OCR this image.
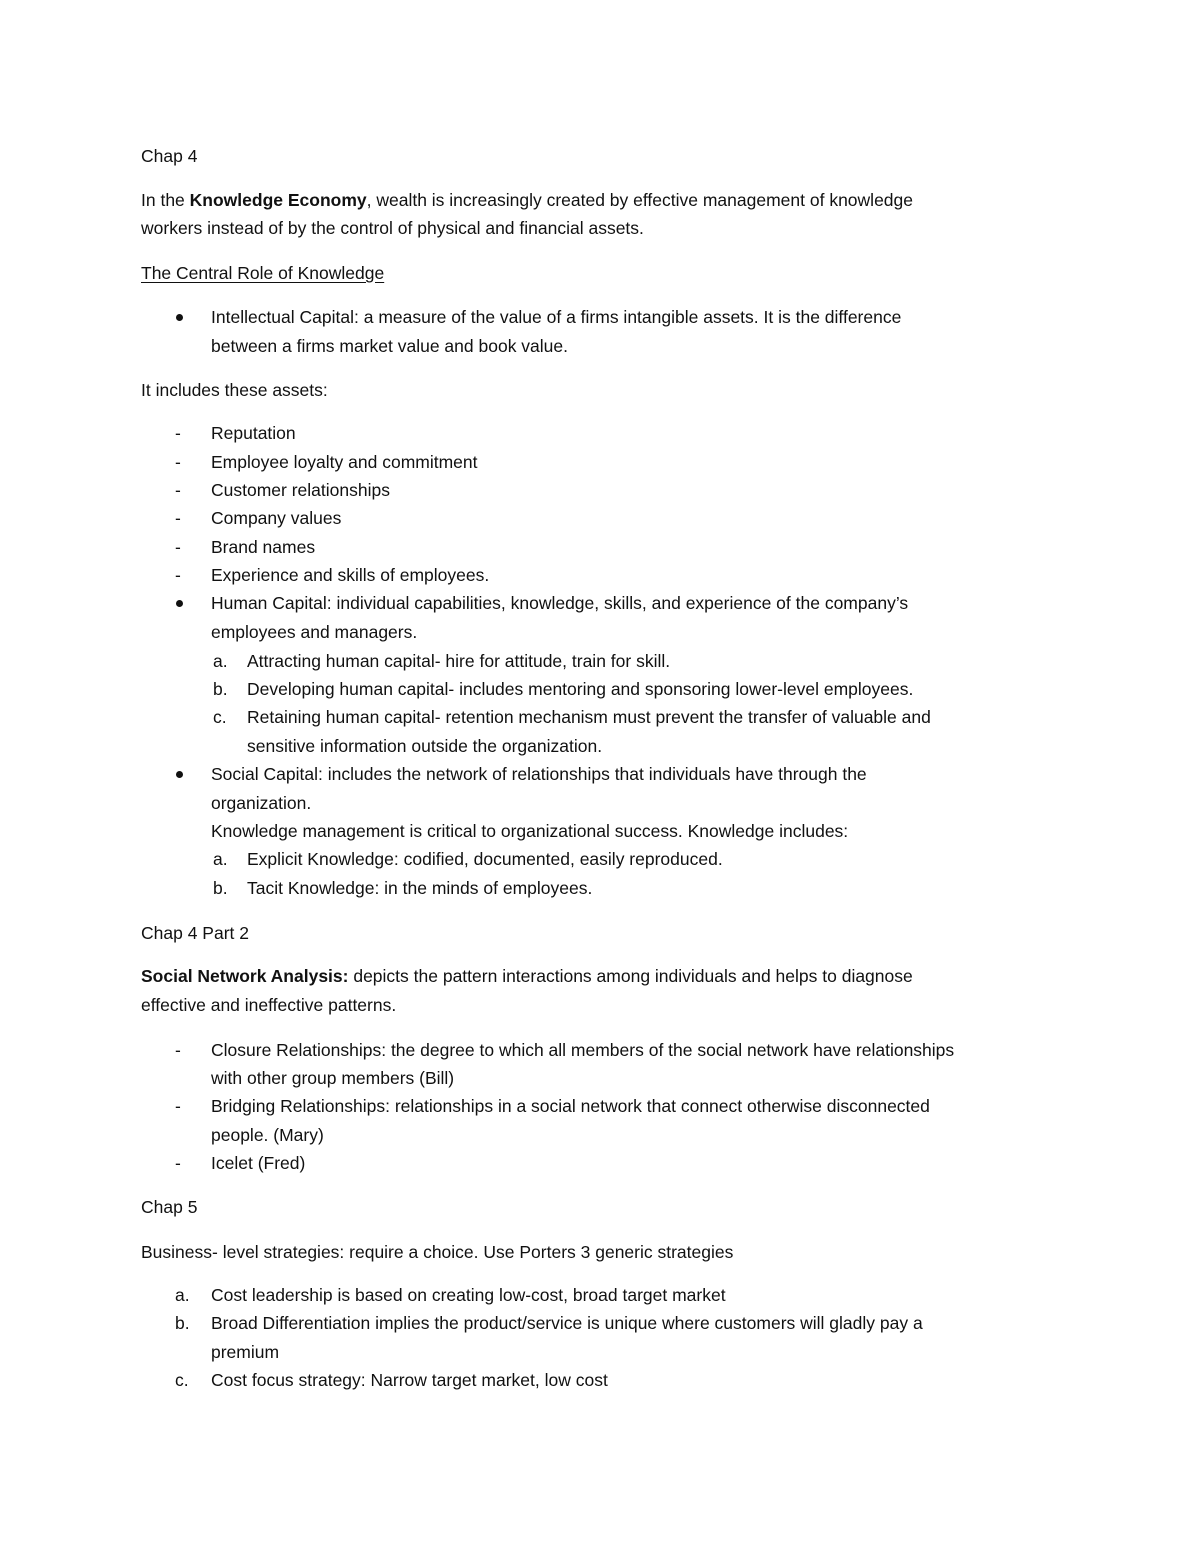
Chap 4
In the Knowledge Economy, wealth is increasingly created by effective management of knowledge
workers instead of by the control of physical and financial assets.
The Central Role of Knowledge
Intellectual Capital: a measure of the value of a firms intangible assets. It is the difference
between a firms market value and book value.
It includes these assets:
- Reputation
- Employee loyalty and commitment
- Customer relationships
- Company values
- Brand names
- Experience and skills of employees.
Human Capital: individual capabilities, knowledge, skills, and experience of the company’s
employees and managers.
a. Attracting human capital- hire for attitude, train for skill.
b. Developing human capital- includes mentoring and sponsoring lower-level employees.
c. Retaining human capital- retention mechanism must prevent the transfer of valuable and
sensitive information outside the organization.
Social Capital: includes the network of relationships that individuals have through the
organization.
Knowledge management is critical to organizational success. Knowledge includes:
a. Explicit Knowledge: codified, documented, easily reproduced.
b. Tacit Knowledge: in the minds of employees.
Chap 4 Part 2
Social Network Analysis: depicts the pattern interactions among individuals and helps to diagnose
effective and ineffective patterns.
- Closure Relationships: the degree to which all members of the social network have relationships
with other group members (Bill)
- Bridging Relationships: relationships in a social network that connect otherwise disconnected
people. (Mary)
- Icelet (Fred)
Chap 5
Business- level strategies: require a choice. Use Porters 3 generic strategies
a. Cost leadership is based on creating low-cost, broad target market
b. Broad Differentiation implies the product/service is unique where customers will gladly pay a
premium
c. Cost focus strategy: Narrow target market, low cost
